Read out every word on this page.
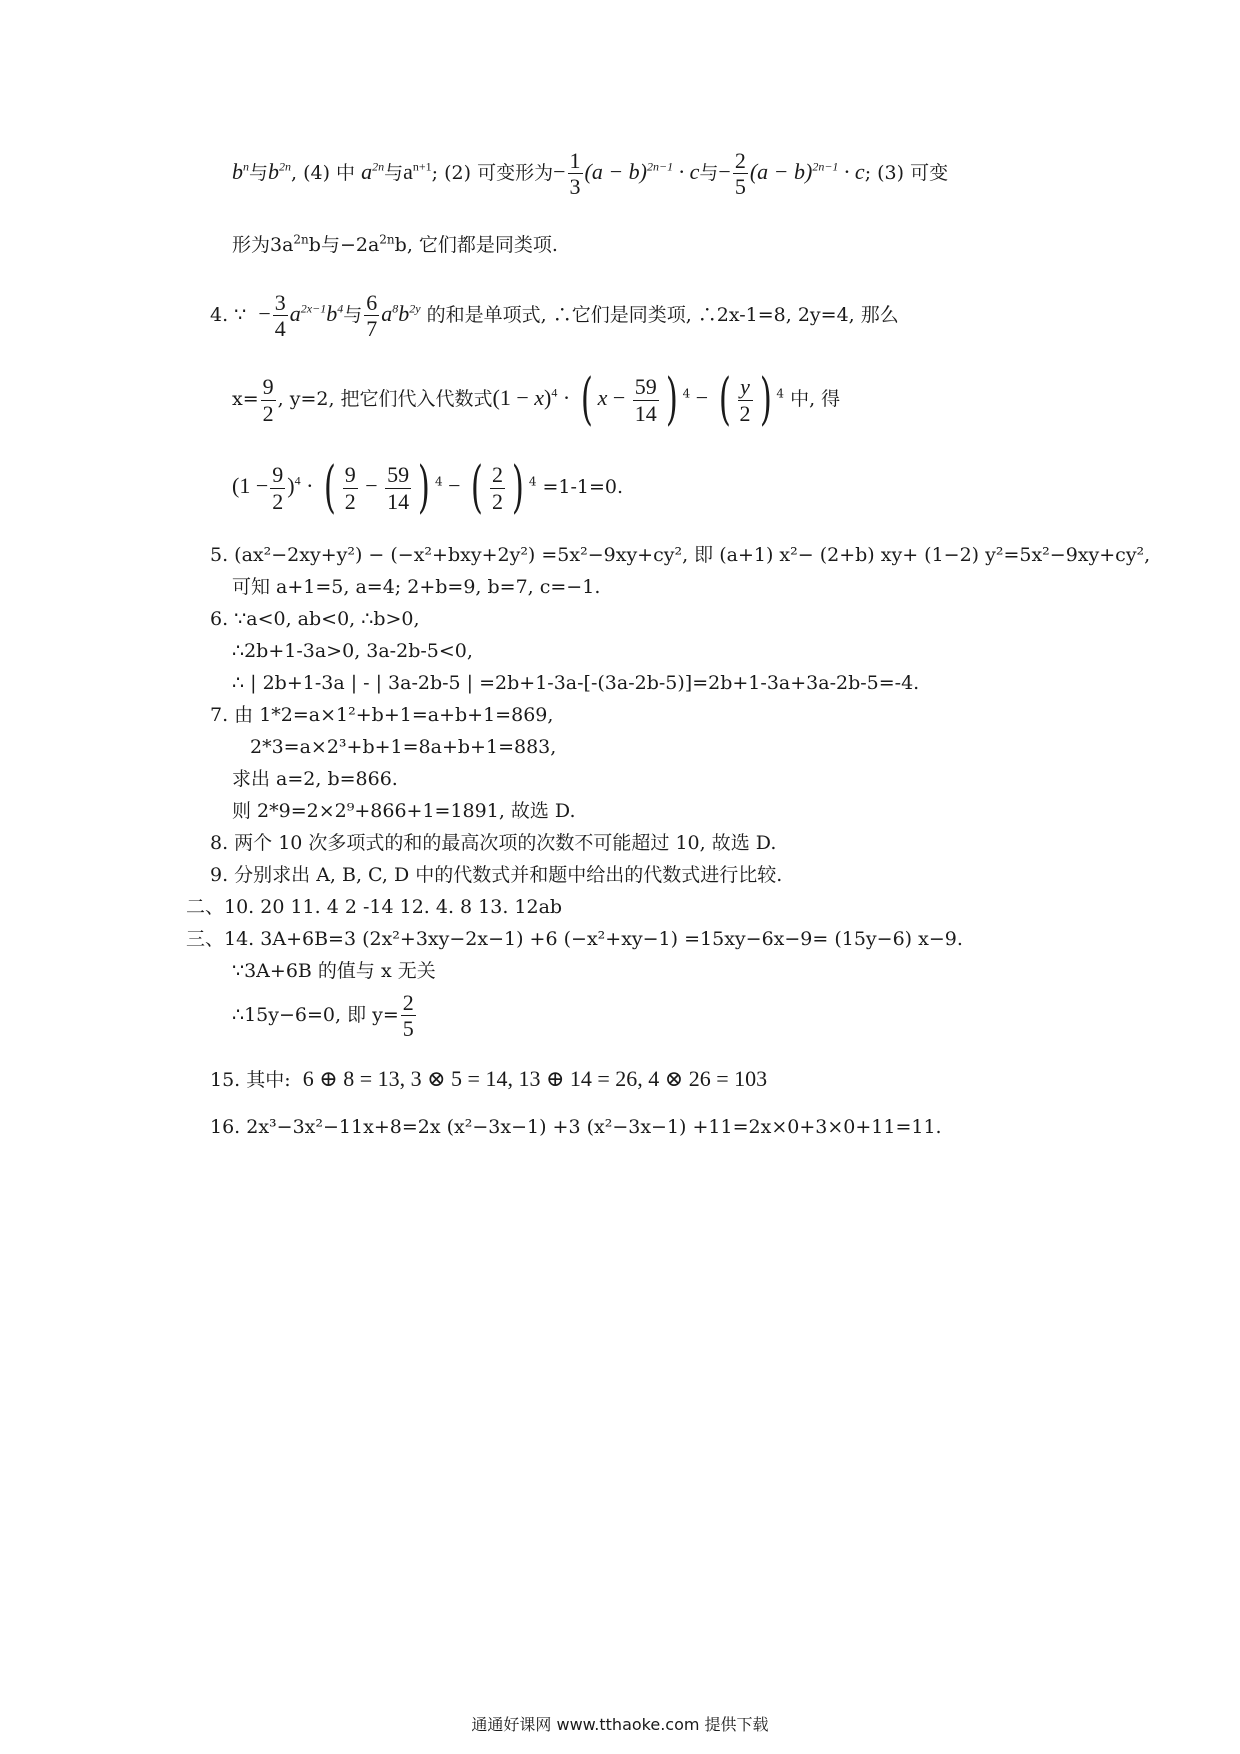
$b^n$与$b^{2n}$, (4) 中 $a^{2n}$与$a^{n+1}$; (2) 可变形为− $\frac{1}{3} (a - b)^{2n-1} \cdot c$与− $\frac{2}{5} (a - b)^{2n-1} \cdot c$; (3) 可变
形为$3a^{2n}b$与$-2a^{2n}b$, 它们都是同类项.
4. ∵ − $\frac{3}{4} a^{2x-1}b^4$与 $\frac{6}{7} a^8b^{2y}$ 的和是单项式, ∴它们是同类项, ∴2x-1=8, 2y=4, 那么
$x= \frac{9}{2}$ , y=2, 把它们代入代数式$(1 - x)^4$ · ( $x - \frac{59}{14}$ ) $^4$ − ( $\frac{y}{2}$ ) $^4$ 中, 得
$(1 - \frac{9}{2} )^4$ · ( $\frac{9}{2} - \frac{59}{14}$ ) $^4$ − ( $\frac{2}{2}$ ) $^4$ =1-1=0.
5. (ax²−2xy+y²) − (−x²+bxy+2y²) =5x²−9xy+cy², 即 (a+1) x²− (2+b) xy+ (1−2) y²=5x²−9xy+cy²,
可知 a+1=5, a=4; 2+b=9, b=7, c=−1.
6. ∵a<0, ab<0, ∴b>0,
∴2b+1-3a>0, 3a-2b-5<0,
∴ | 2b+1-3a | - | 3a-2b-5 | =2b+1-3a-[-(3a-2b-5)]=2b+1-3a+3a-2b-5=-4.
7. 由 1*2=a×1²+b+1=a+b+1=869,
2*3=a×2³+b+1=8a+b+1=883,
求出 a=2, b=866.
则 2*9=2×2⁹+866+1=1891, 故选 D.
8. 两个 10 次多项式的和的最高次项的次数不可能超过 10, 故选 D.
9. 分别求出 A, B, C, D 中的代数式并和题中给出的代数式进行比较.
二、10. 20 11. 4 2 -14 12. 4. 8 13. 12ab
三、14. 3A+6B=3 (2x²+3xy−2x−1) +6 (−x²+xy−1) =15xy−6x−9= (15y−6) x−9.
∵3A+6B 的值与 x 无关
∴15y−6=0, 即 $y= \frac{2}{5}$
15. 其中: 6 ⊕ 8 = 13, 3 ⊗ 5 = 14, 13 ⊕ 14 = 26, 4 ⊗ 26 = 103
16. 2x³−3x²−11x+8=2x (x²−3x−1) +3 (x²−3x−1) +11=2x×0+3×0+11=11.
通通好课网 www.tthaoke.com 提供下载
